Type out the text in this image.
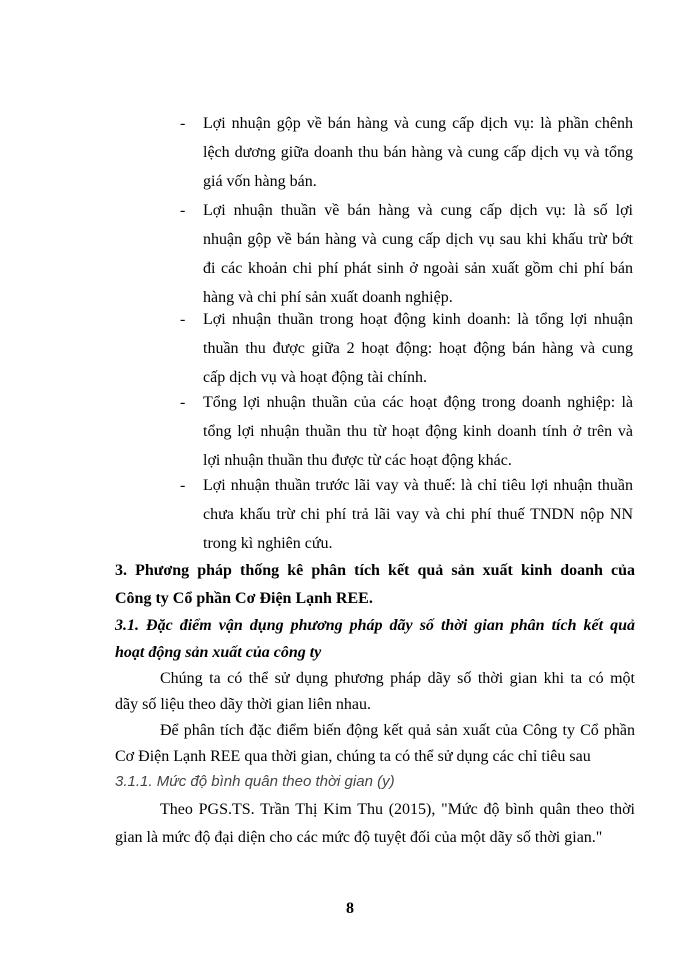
- Lợi nhuận gộp về bán hàng và cung cấp dịch vụ: là phần chênh
lệch dương giữa doanh thu bán hàng và cung cấp dịch vụ và tổng
giá vốn hàng bán.
- Lợi nhuận thuần về bán hàng và cung cấp dịch vụ: là số lợi
nhuận gộp về bán hàng và cung cấp dịch vụ sau khi khấu trừ bớt
đi các khoản chi phí phát sinh ở ngoài sản xuất gồm chi phí bán
hàng và chi phí sản xuất doanh nghiệp.
- Lợi nhuận thuần trong hoạt động kinh doanh: là tổng lợi nhuận
thuần thu được giữa 2 hoạt động: hoạt động bán hàng và cung
cấp dịch vụ và hoạt động tài chính.
- Tổng lợi nhuận thuần của các hoạt động trong doanh nghiệp: là
tổng lợi nhuận thuần thu từ hoạt động kinh doanh tính ở trên và
lợi nhuận thuần thu được từ các hoạt động khác.
- Lợi nhuận thuần trước lãi vay và thuế: là chỉ tiêu lợi nhuận thuần
chưa khấu trừ chi phí trả lãi vay và chi phí thuế TNDN nộp NN
trong kì nghiên cứu.
3. Phương pháp thống kê phân tích kết quả sản xuất kinh doanh của
Công ty Cổ phần Cơ Điện Lạnh REE.
3.1. Đặc điểm vận dụng phương pháp dãy số thời gian phân tích kết quả
hoạt động sản xuất của công ty
Chúng ta có thể sử dụng phương pháp dãy số thời gian khi ta có một
dãy số liệu theo dãy thời gian liên nhau.
Để phân tích đặc điểm biến động kết quả sản xuất của Công ty Cổ phần
Cơ Điện Lạnh REE qua thời gian, chúng ta có thể sử dụng các chỉ tiêu sau
3.1.1. Mức độ bình quân theo thời gian (y)
Theo PGS.TS. Trần Thị Kim Thu (2015), "Mức độ bình quân theo thời
gian là mức độ đại diện cho các mức độ tuyệt đối của một dãy số thời gian."
8
